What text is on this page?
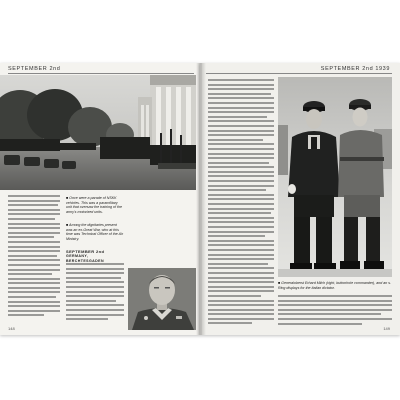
SEPTEMBER 2nd
■ Once were a parade of NSKK vehicles. This was a paramilitary unit that oversaw the training of the army's motorized units.
■ Among the dignitaries present was an ex-Great War, who at this time was Technical Officer of the Air Ministry.
SEPTEMBER 2nd
GERMANY, BERCHTESGADEN
148
SEPTEMBER 2nd 1939
■ Generaloberst Erhard Milch (right, buttonhole commander), and an s. Ring displays for the Italian dictator.
149
